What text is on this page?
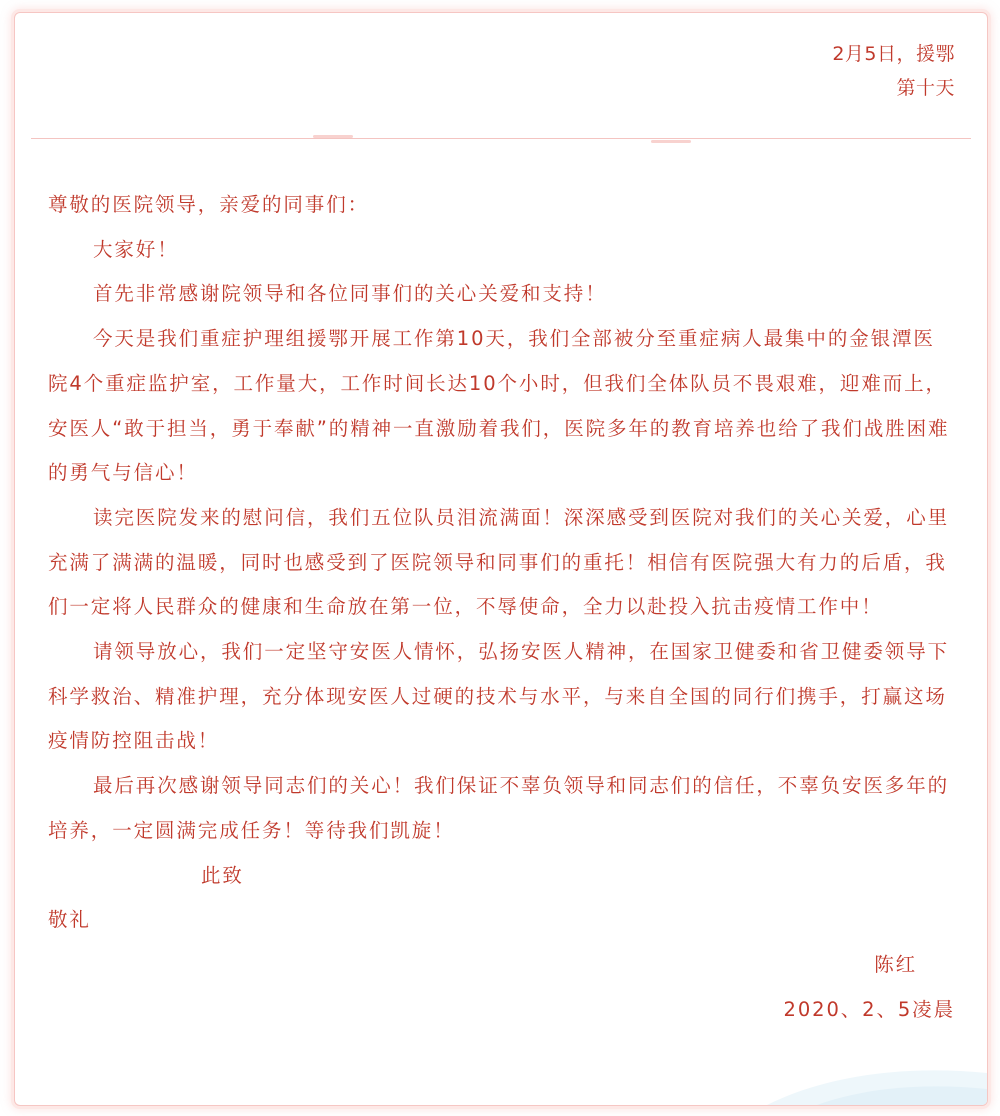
2月5日，援鄂
第十天

尊敬的医院领导，亲爱的同事们：

大家好！

首先非常感谢院领导和各位同事们的关心关爱和支持！

今天是我们重症护理组援鄂开展工作第10天，我们全部被分至重症病人最集中的金银潭医院4个重症监护室，工作量大，工作时间长达10个小时，但我们全体队员不畏艰难，迎难而上，安医人“敢于担当，勇于奉献”的精神一直激励着我们，医院多年的教育培养也给了我们战胜困难的勇气与信心！

读完医院发来的慰问信，我们五位队员泪流满面！深深感受到医院对我们的关心关爱，心里充满了满满的温暖，同时也感受到了医院领导和同事们的重托！相信有医院强大有力的后盾，我们一定将人民群众的健康和生命放在第一位，不辱使命，全力以赴投入抗击疫情工作中！

请领导放心，我们一定坚守安医人情怀，弘扬安医人精神，在国家卫健委和省卫健委领导下科学救治、精准护理，充分体现安医人过硬的技术与水平，与来自全国的同行们携手，打赢这场疫情防控阻击战！

最后再次感谢领导同志们的关心！我们保证不辜负领导和同志们的信任，不辜负安医多年的培养，一定圆满完成任务！等待我们凯旋！

此致

敬礼

陈红

2020、2、5凌晨
